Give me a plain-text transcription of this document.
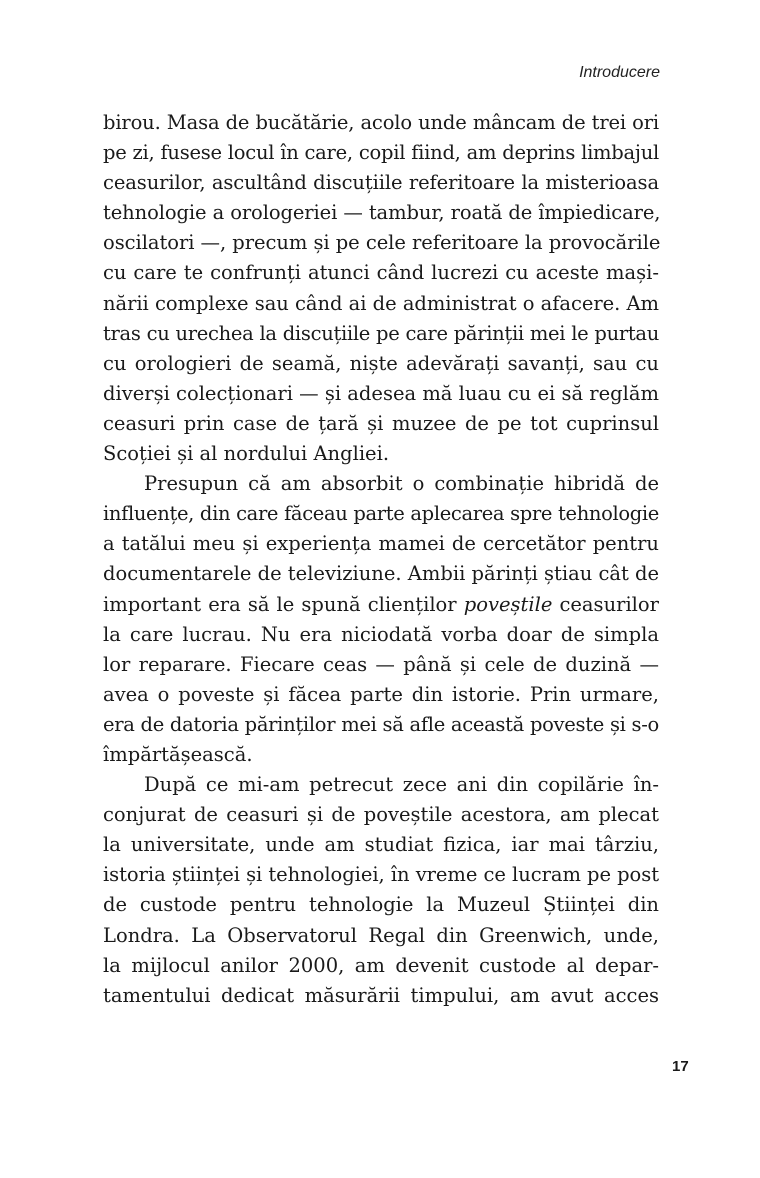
Introducere
birou. Masa de bucătărie, acolo unde mâncam de trei ori
pe zi, fusese locul în care, copil fiind, am deprins limbajul
ceasurilor, ascultând discuțiile referitoare la misterioasa
tehnologie a orologeriei — tambur, roată de împiedicare,
oscilatori —, precum și pe cele referitoare la provocările
cu care te confrunți atunci când lucrezi cu aceste mași-
nării complexe sau când ai de administrat o afacere. Am
tras cu urechea la discuțiile pe care părinții mei le purtau
cu orologieri de seamă, niște adevărați savanți, sau cu
diverși colecționari — și adesea mă luau cu ei să reglăm
ceasuri prin case de țară și muzee de pe tot cuprinsul
Scoției și al nordului Angliei.
Presupun că am absorbit o combinație hibridă de
influențe, din care făceau parte aplecarea spre tehnologie
a tatălui meu și experiența mamei de cercetător pentru
documentarele de televiziune. Ambii părinți știau cât de
important era să le spună clienților poveștile ceasurilor
la care lucrau. Nu era niciodată vorba doar de simpla
lor reparare. Fiecare ceas — până și cele de duzină —
avea o poveste și făcea parte din istorie. Prin urmare,
era de datoria părinților mei să afle această poveste și s-o
împărtășească.
După ce mi-am petrecut zece ani din copilărie în-
conjurat de ceasuri și de poveștile acestora, am plecat
la universitate, unde am studiat fizica, iar mai târziu,
istoria științei și tehnologiei, în vreme ce lucram pe post
de custode pentru tehnologie la Muzeul Științei din
Londra. La Observatorul Regal din Greenwich, unde,
la mijlocul anilor 2000, am devenit custode al depar-
tamentului dedicat măsurării timpului, am avut acces
17
